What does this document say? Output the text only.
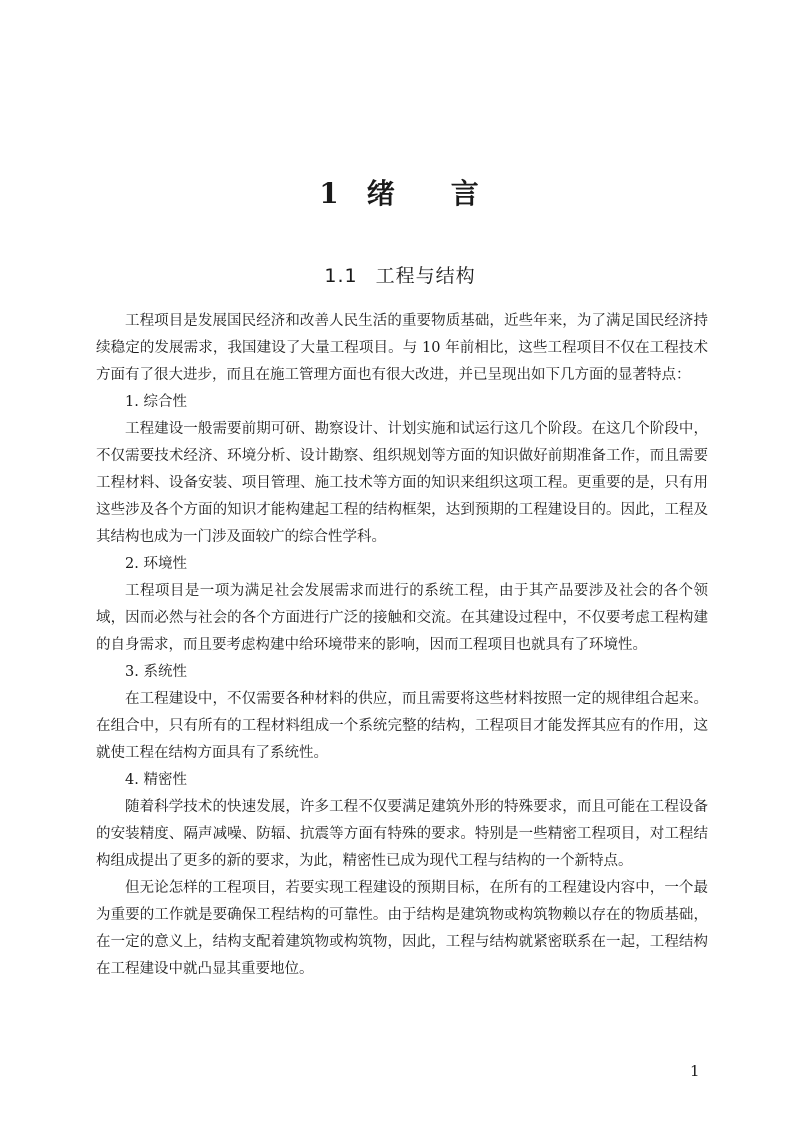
1 绪 言
1.1 工程与结构

工程项目是发展国民经济和改善人民生活的重要物质基础，近些年来，为了满足国民经济持续稳定的发展需求，我国建设了大量工程项目。与 10 年前相比，这些工程项目不仅在工程技术方面有了很大进步，而且在施工管理方面也有很大改进，并已呈现出如下几方面的显著特点：

1. 综合性

工程建设一般需要前期可研、勘察设计、计划实施和试运行这几个阶段。在这几个阶段中，不仅需要技术经济、环境分析、设计勘察、组织规划等方面的知识做好前期准备工作，而且需要工程材料、设备安装、项目管理、施工技术等方面的知识来组织这项工程。更重要的是，只有用这些涉及各个方面的知识才能构建起工程的结构框架，达到预期的工程建设目的。因此，工程及其结构也成为一门涉及面较广的综合性学科。

2. 环境性

工程项目是一项为满足社会发展需求而进行的系统工程，由于其产品要涉及社会的各个领域，因而必然与社会的各个方面进行广泛的接触和交流。在其建设过程中，不仅要考虑工程构建的自身需求，而且要考虑构建中给环境带来的影响，因而工程项目也就具有了环境性。

3. 系统性

在工程建设中，不仅需要各种材料的供应，而且需要将这些材料按照一定的规律组合起来。在组合中，只有所有的工程材料组成一个系统完整的结构，工程项目才能发挥其应有的作用，这就使工程在结构方面具有了系统性。

4. 精密性

随着科学技术的快速发展，许多工程不仅要满足建筑外形的特殊要求，而且可能在工程设备的安装精度、隔声减噪、防辐、抗震等方面有特殊的要求。特别是一些精密工程项目，对工程结构组成提出了更多的新的要求，为此，精密性已成为现代工程与结构的一个新特点。

但无论怎样的工程项目，若要实现工程建设的预期目标，在所有的工程建设内容中，一个最为重要的工作就是要确保工程结构的可靠性。由于结构是建筑物或构筑物赖以存在的物质基础，在一定的意义上，结构支配着建筑物或构筑物，因此，工程与结构就紧密联系在一起，工程结构在工程建设中就凸显其重要地位。

1
